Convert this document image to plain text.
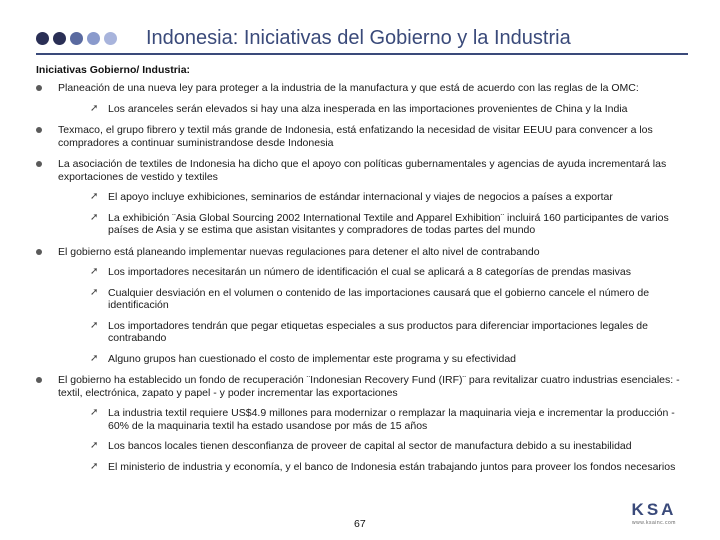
Indonesia: Iniciativas del Gobierno y la Industria
Iniciativas Gobierno/ Industria:
Planeación de una nueva ley para proteger a la industria de la manufactura y que está de acuerdo con las reglas de la OMC:
➚ Los aranceles serán elevados si hay una alza inesperada en las importaciones provenientes de China y la India
Texmaco, el grupo fibrero y textil más grande de Indonesia, está enfatizando la necesidad de visitar EEUU para convencer a los compradores a continuar suministrandose desde Indonesia
La asociación de textiles de Indonesia ha dicho que el apoyo con políticas gubernamentales y agencias de ayuda incrementará las exportaciones de vestido y textiles
➚ El apoyo incluye exhibiciones, seminarios de estándar internacional y viajes de negocios a países a exportar
➚ La exhibición ¨Asia Global Sourcing 2002 International Textile and Apparel Exhibition¨ incluirá 160 participantes de varios países de Asia y se estima que asistan visitantes y compradores de todas partes del mundo
El gobierno está planeando implementar nuevas regulaciones para detener el alto nivel de contrabando
➚ Los importadores necesitarán un número de identificación el cual se aplicará a 8 categorías de prendas masivas
➚ Cualquier desviación en el volumen o contenido de las importaciones causará que el gobierno cancele el número de identificación
➚ Los importadores tendrán que pegar etiquetas especiales a sus productos para diferenciar importaciones legales de contrabando
➚ Alguno grupos han cuestionado el costo de implementar este programa y su efectividad
El gobierno ha establecido un fondo de recuperación ¨Indonesian Recovery Fund (IRF)¨ para revitalizar cuatro industrias esenciales: - textil, electrónica, zapato y papel - y poder incrementar las exportaciones
➚ La industria textil requiere US$4.9 millones para modernizar o remplazar la maquinaria vieja e incrementar la producción - 60% de la maquinaria textil ha estado usandose por más de 15 años
➚ Los bancos locales tienen desconfianza de proveer de capital al sector de manufactura debido a su inestabilidad
➚ El ministerio de industria y economía, y el banco de Indonesia están trabajando juntos para proveer los fondos necesarios
67
KSA
www.ksainc.com
